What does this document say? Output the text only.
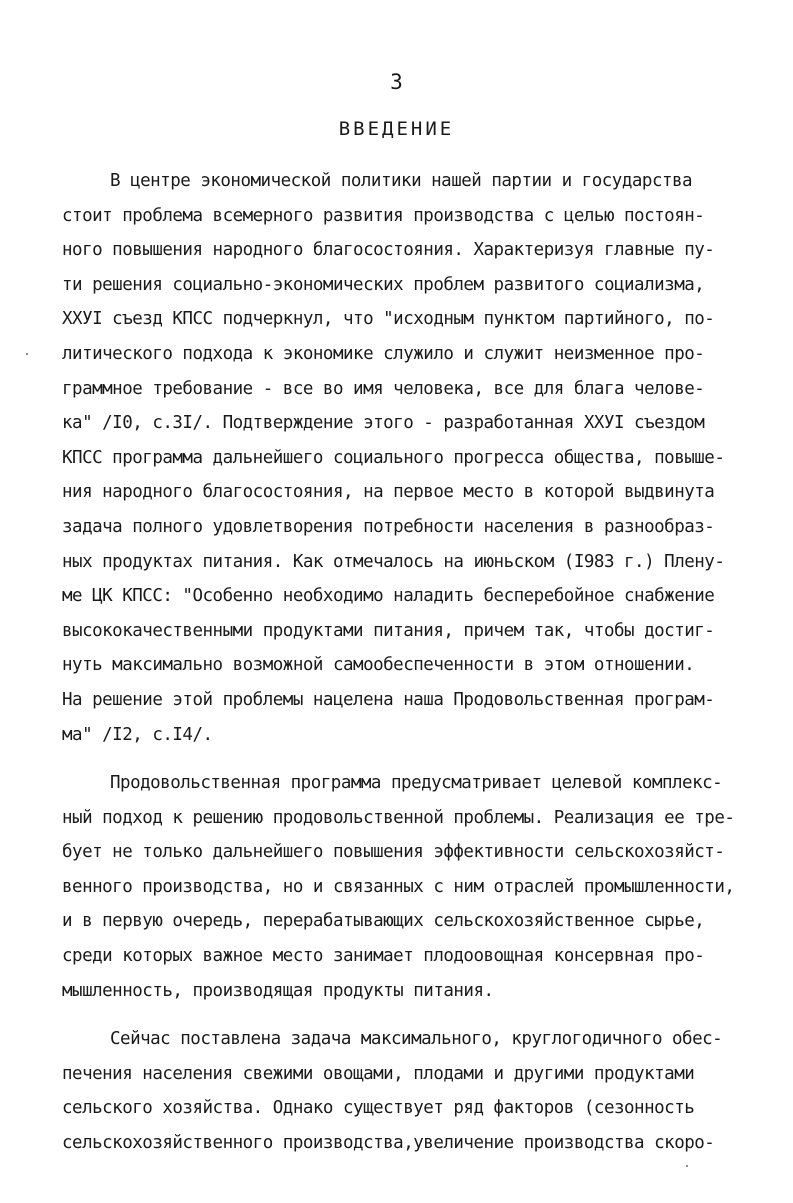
3
ВВЕДЕНИЕ
В центре экономической политики нашей партии и государства
стоит проблема всемерного развития производства с целью постоян-
ного повышения народного благосостояния. Характеризуя главные пу-
ти решения социально-экономических проблем развитого социализма,
ХХУI съезд КПСС подчеркнул, что "исходным пунктом партийного, по-
литического подхода к экономике служило и служит неизменное про-
граммное требование - все во имя человека, все для блага челове-
ка" /I0, с.3I/. Подтверждение этого - разработанная ХХУI съездом
КПСС программа дальнейшего социального прогресса общества, повыше-
ния народного благосостояния, на первое место в которой выдвинута
задача полного удовлетворения потребности населения в разнообраз-
ных продуктах питания. Как отмечалось на июньском (I983 г.) Плену-
ме ЦК КПСС: "Особенно необходимо наладить бесперебойное снабжение
высококачественными продуктами питания, причем так, чтобы достиг-
нуть максимально возможной самообеспеченности в этом отношении.
На решение этой проблемы нацелена наша Продовольственная програм-
ма" /I2, с.I4/.
Продовольственная программа предусматривает целевой комплекс-
ный подход к решению продовольственной проблемы. Реализация ее тре-
бует не только дальнейшего повышения эффективности сельскохозяйст-
венного производства, но и связанных с ним отраслей промышленности,
и в первую очередь, перерабатывающих сельскохозяйственное сырье,
среди которых важное место занимает плодоовощная консервная про-
мышленность, производящая продукты питания.
Сейчас поставлена задача максимального, круглогодичного обес-
печения населения свежими овощами, плодами и другими продуктами
сельского хозяйства. Однако существует ряд факторов (сезонность
сельскохозяйственного производства,увеличение производства скоро-
